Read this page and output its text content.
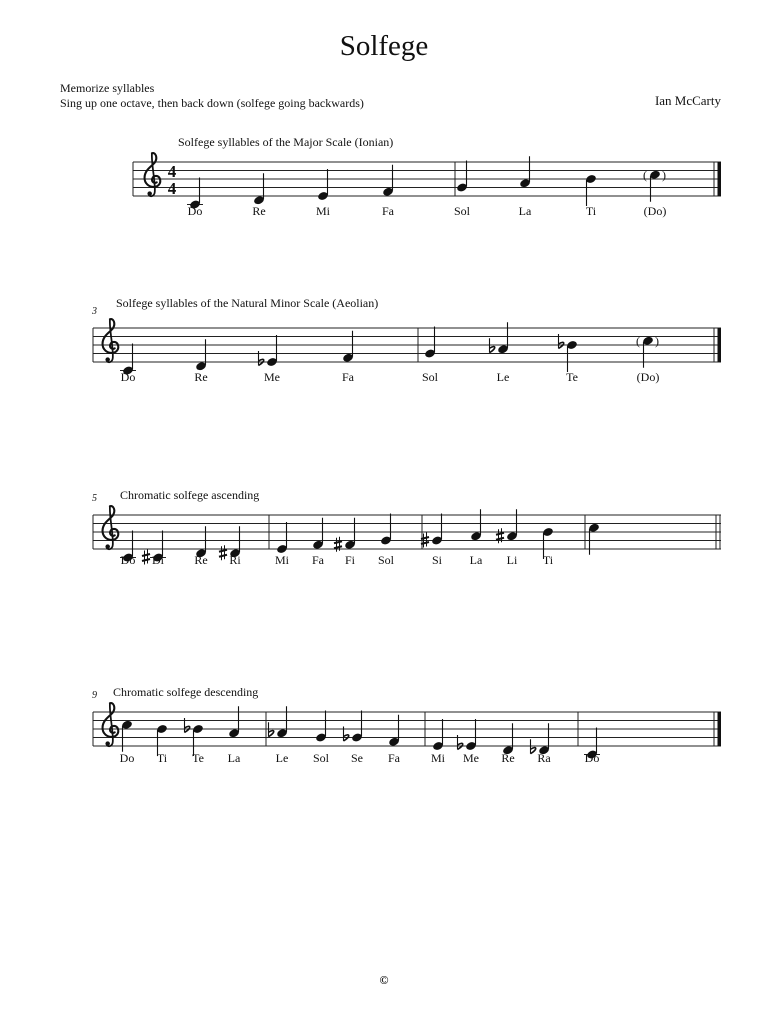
Solfege
Memorize syllables
Sing up one octave, then back down (solfege going backwards)	Ian McCarty
Solfege syllables of the Major Scale (Ionian)
4
4
Do	Re	Mi	Fa	Sol	La	Ti
( )
(Do)
Solfege syllables of the Natural Minor Scale (Aeolian)
3
Do	Re	Me	Fa	Sol	Le	Te
( )
(Do)
Chromatic solfege ascending
5
Do Di	Re Ri	Mi Fa Fi Sol	Si La Li Ti
Chromatic solfege descending
9
Do Ti Te La	Le Sol Se Fa	Mi Me Re Ra	Do
©
